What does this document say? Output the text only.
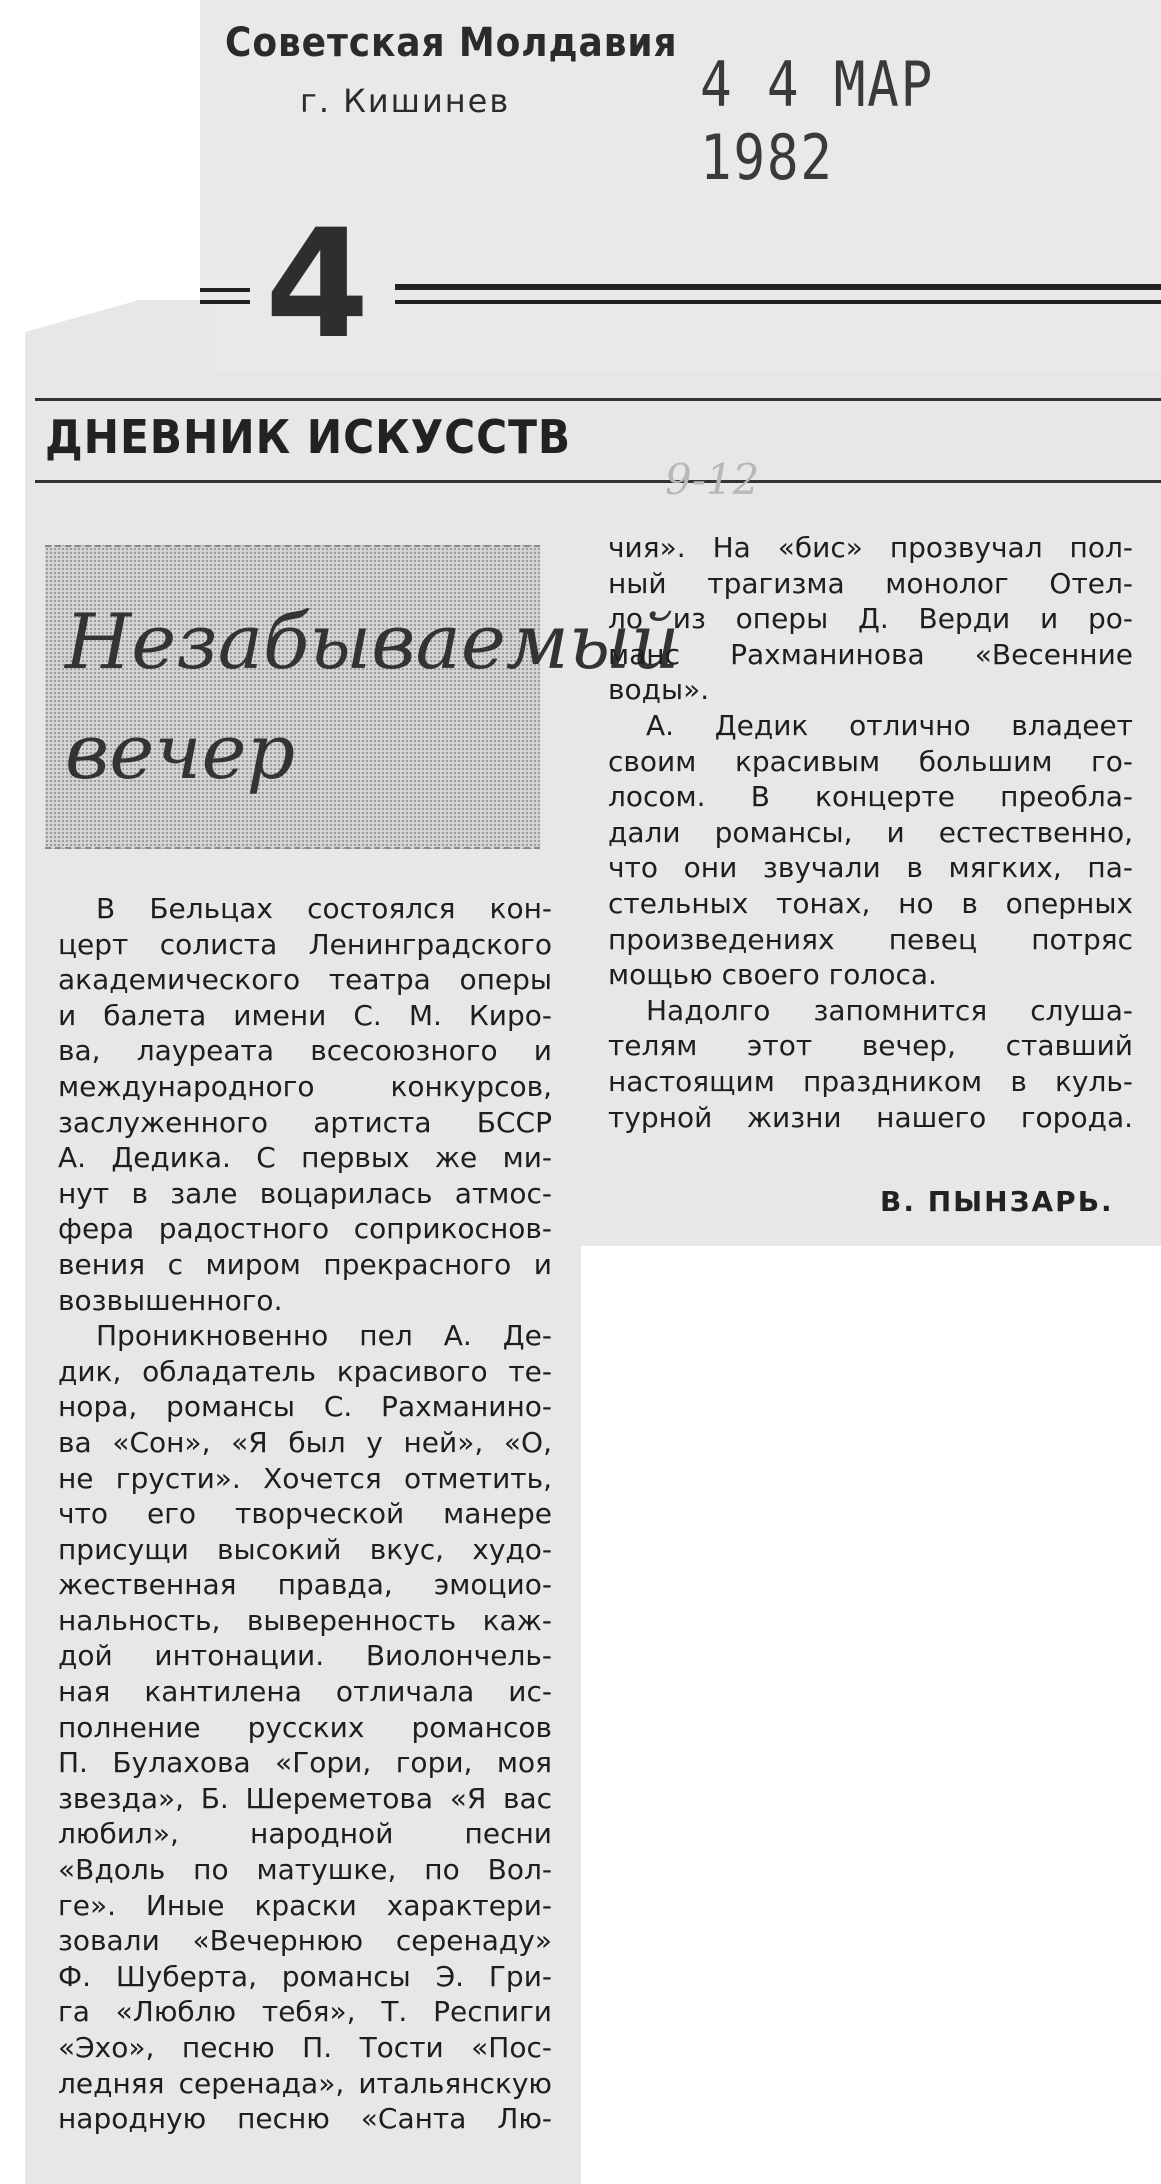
Советская Молдавия
г. Кишинев	4 4 МАР 1982
4
ДНЕВНИК ИСКУССТВ
9-12
Незабываемый
вечер

В Бельцах состоялся кон-

церт солиста Ленинградского

академического театра оперы

и балета имени С. М. Киро-

ва, лауреата всесоюзного и

международного конкурсов,

заслуженного артиста БССР

А. Дедика. С первых же ми-

нут в зале воцарилась атмос-

фера радостного соприкоснов-

вения с миром прекрасного и

возвышенного.

Проникновенно пел А. Де-

дик, обладатель красивого те-

нора, романсы С. Рахманино-

ва «Сон», «Я был у ней», «О,

не грусти». Хочется отметить,

что его творческой манере

присущи высокий вкус, худо-

жественная правда, эмоцио-

нальность, выверенность каж-

дой интонации. Виолончель-

ная кантилена отличала ис-

полнение русских романсов

П. Булахова «Гори, гори, моя

звезда», Б. Шереметова «Я вас

любил», народной песни

«Вдоль по матушке, по Вол-

ге». Иные краски характери-

зовали «Вечернюю серенаду»

Ф. Шуберта, романсы Э. Гри-

га «Люблю тебя», Т. Респиги

«Эхо», песню П. Тости «Пос-

ледняя серенада», итальянскую

народную песню «Санта Лю-

чия». На «бис» прозвучал пол-

ный трагизма монолог Отел-

ло из оперы Д. Верди и ро-

манс Рахманинова «Весенние

воды».

А. Дедик отлично владеет

своим красивым большим го-

лосом. В концерте преобла-

дали романсы, и естественно,

что они звучали в мягких, па-

стельных тонах, но в оперных

произведениях певец потряс

мощью своего голоса.

Надолго запомнится слуша-

телям этот вечер, ставший

настоящим праздником в куль-

турной жизни нашего города.

В. ПЫНЗАРЬ.
